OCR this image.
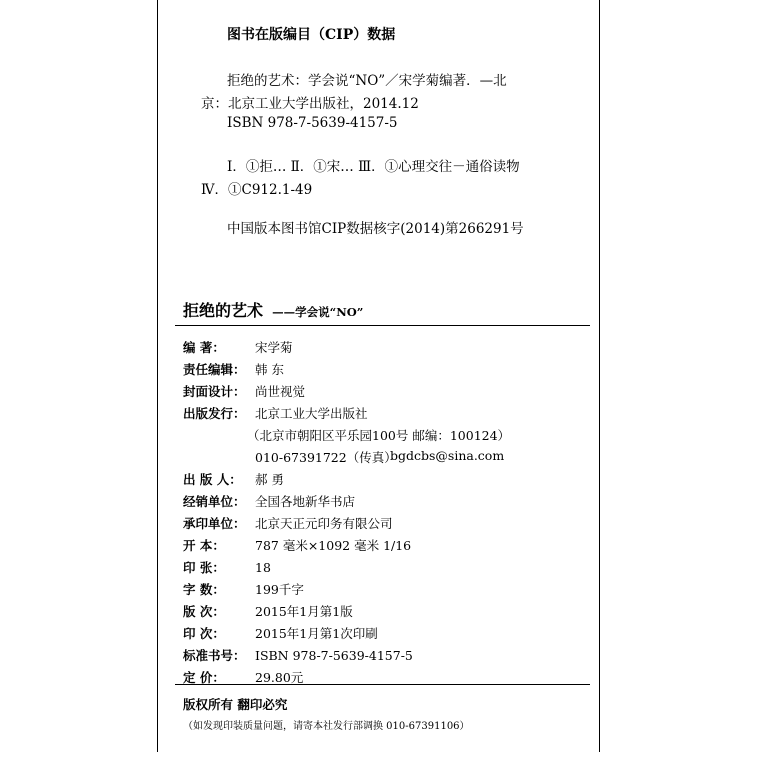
图书在版编目（CIP）数据
拒绝的艺术：学会说“NO”／宋学菊编著．—北
京：北京工业大学出版社，2014.12
ISBN 978-7-5639-4157-5
Ⅰ．①拒… Ⅱ．①宋… Ⅲ．①心理交往－通俗读物
Ⅳ．①C912.1-49
中国版本图书馆CIP数据核字(2014)第266291号
拒绝的艺术 ——学会说“NO”
编 著： 宋学菊
责任编辑： 韩 东
封面设计： 尚世视觉
出版发行： 北京工业大学出版社
（北京市朝阳区平乐园100号 邮编：100124）
010-67391722（传真）
bgdcbs@sina.com
出 版 人： 郝 勇
经销单位： 全国各地新华书店
承印单位： 北京天正元印务有限公司
开 本： 787 毫米×1092 毫米 1/16
印 张： 18
字 数： 199千字
版 次： 2015年1月第1版
印 次： 2015年1月第1次印刷
标准书号： ISBN 978-7-5639-4157-5
定 价： 29.80元
版权所有 翻印必究
（如发现印装质量问题，请寄本社发行部调换 010-67391106）
